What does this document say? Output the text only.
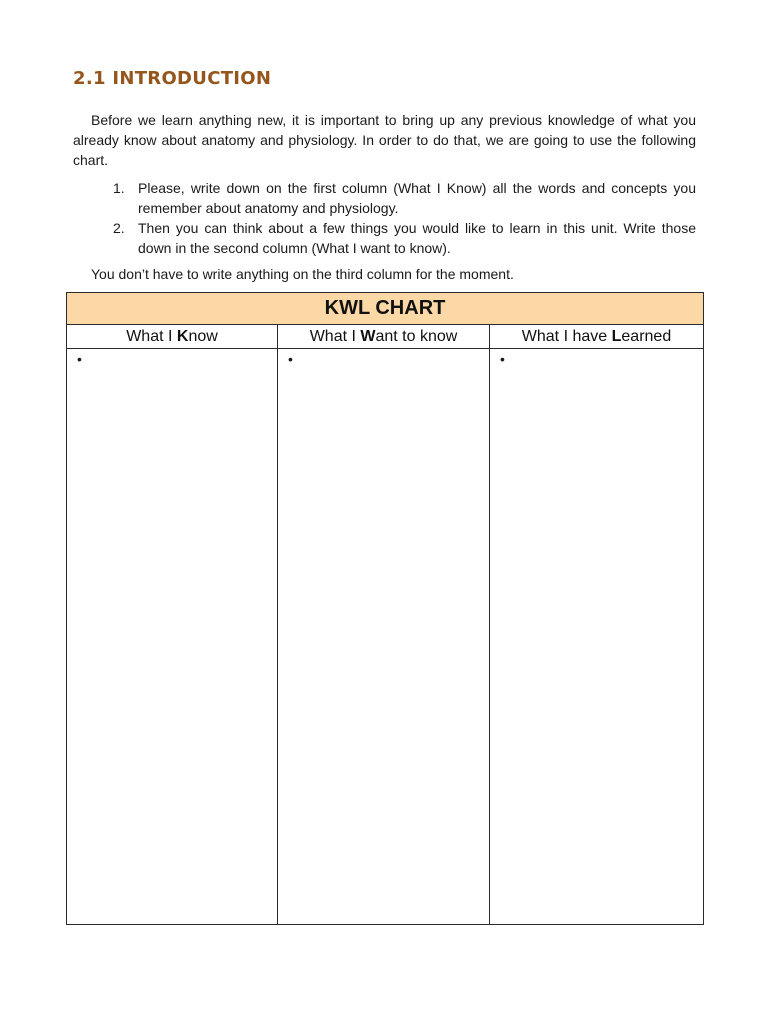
2.1 INTRODUCTION

Before we learn anything new, it is important to bring up any previous knowledge of what you already know about anatomy and physiology. In order to do that, we are going to use the following chart.

1. Please, write down on the first column (What I Know) all the words and concepts you remember about anatomy and physiology.
2. Then you can think about a few things you would like to learn in this unit. Write those down in the second column (What I want to know).

You don’t have to write anything on the third column for the moment.

KWL CHART		
What I Know	What I Want to know	What I have Learned
•	•	•
